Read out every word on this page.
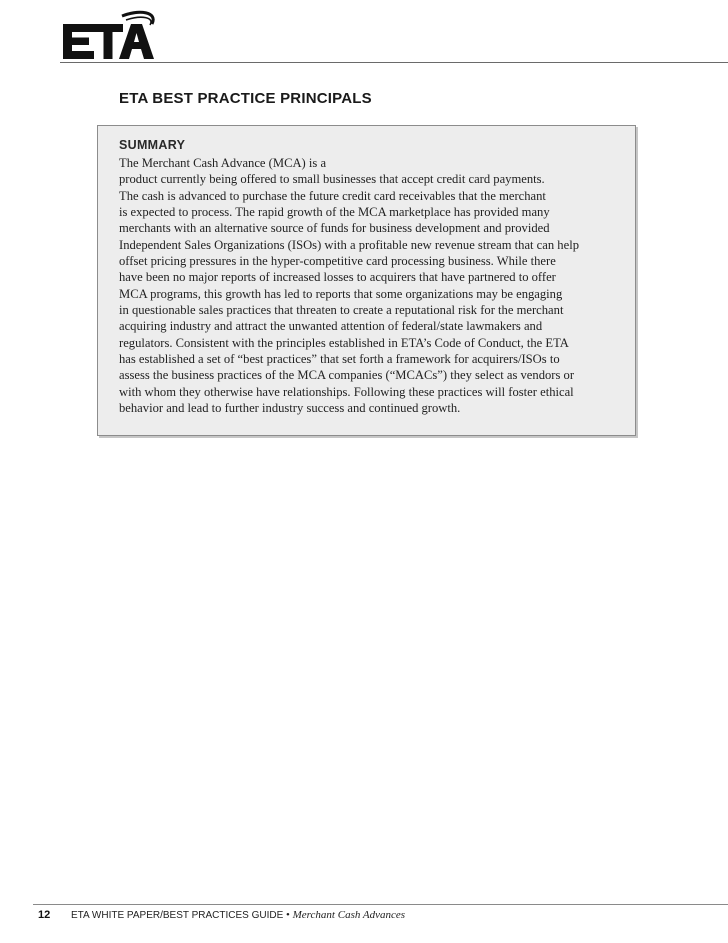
ETA BEST PRACTICE PRINCIPALS
SUMMARY
The Merchant Cash Advance (MCA) is a
product currently being offered to small businesses that accept credit card payments.
The cash is advanced to purchase the future credit card receivables that the merchant
is expected to process. The rapid growth of the MCA marketplace has provided many
merchants with an alternative source of funds for business development and provided
Independent Sales Organizations (ISOs) with a profitable new revenue stream that can help
offset pricing pressures in the hyper-competitive card processing business. While there
have been no major reports of increased losses to acquirers that have partnered to offer
MCA programs, this growth has led to reports that some organizations may be engaging
in questionable sales practices that threaten to create a reputational risk for the merchant
acquiring industry and attract the unwanted attention of federal/state lawmakers and
regulators. Consistent with the principles established in ETA’s Code of Conduct, the ETA
has established a set of “best practices” that set forth a framework for acquirers/ISOs to
assess the business practices of the MCA companies (“MCACs”) they select as vendors or
with whom they otherwise have relationships. Following these practices will foster ethical
behavior and lead to further industry success and continued growth.
12 ETA WHITE PAPER/BEST PRACTICES GUIDE • Merchant Cash Advances
